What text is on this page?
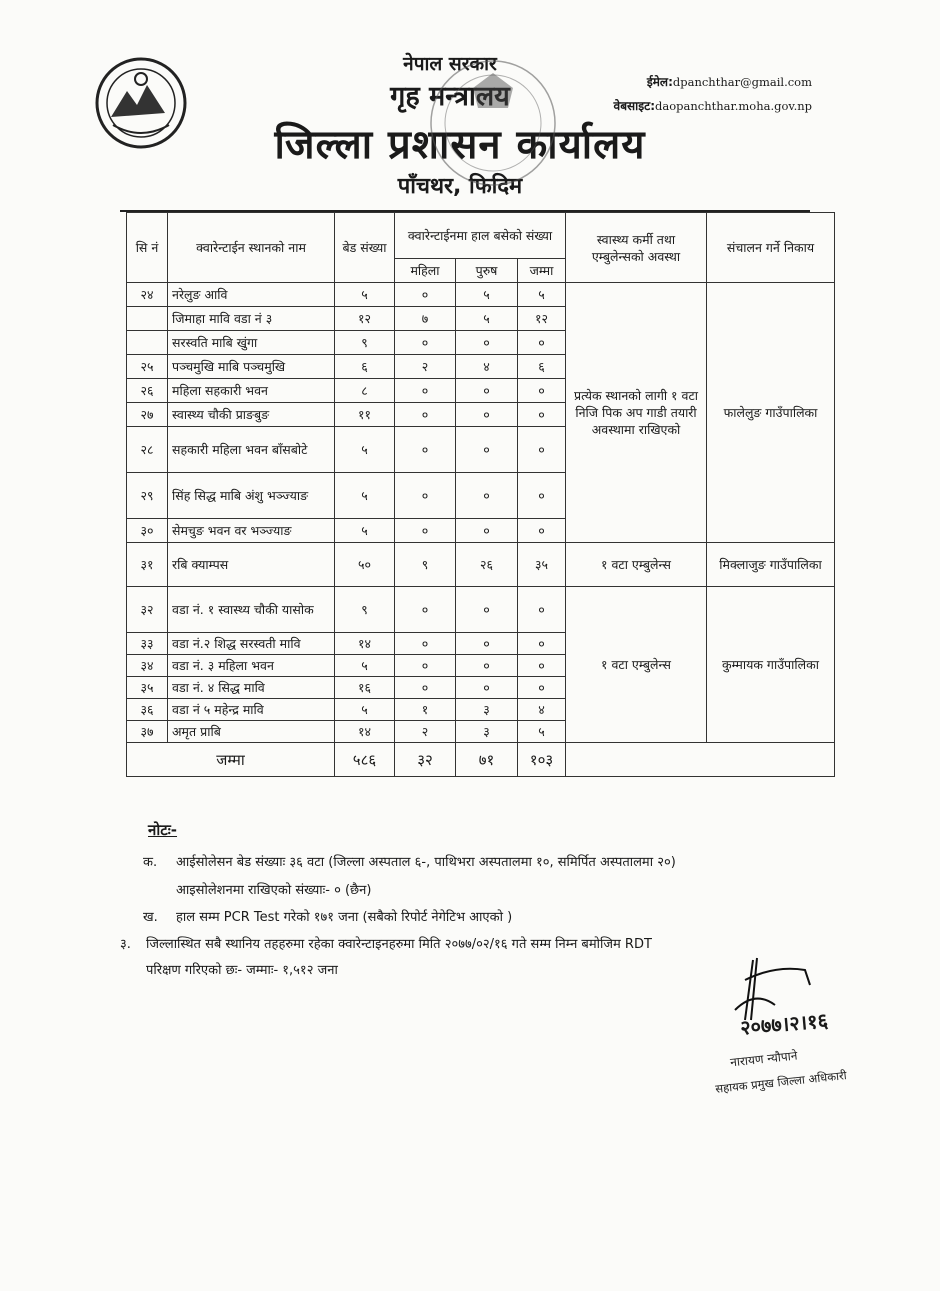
नेपाल सरकार
गृह मन्त्रालय
जिल्ला प्रशासन कार्यालय
पाँचथर, फिदिम
ईमेल:dpanchthar@gmail.com
वेबसाइट:daopanchthar.moha.gov.np
सि नं	क्वारेन्टाईन स्थानको नाम	बेड संख्या	क्वारेन्टाईनमा हाल बसेको संख्या			स्वास्थ्य कर्मी तथा एम्बुलेन्सको अवस्था	संचालन गर्ने निकाय
			महिला	पुरुष	जम्मा		
२४	नरेलुङ आवि	५	०	५	५	प्रत्येक स्थानको लागी १ वटा निजि पिक अप गाडी तयारी अवस्थामा राखिएको	फालेलुङ गाउँपालिका
	जिमाहा मावि वडा नं ३	१२	७	५	१२		
	सरस्वति माबि खुंगा	९	०	०	०		
२५	पञ्चमुखि माबि पञ्चमुखि	६	२	४	६		
२६	महिला सहकारी भवन	८	०	०	०		
२७	स्वास्थ्य चौकी प्राङबुङ	११	०	०	०		
२८	सहकारी महिला भवन बाँसबोटे	५	०	०	०		
२९	सिंह सिद्ध माबि अंशु भञ्ज्याङ	५	०	०	०		
३०	सेमचुङ भवन वर भञ्ज्याङ	५	०	०	०		
३१	रबि क्याम्पस	५०	९	२६	३५	१ वटा एम्बुलेन्स	मिक्लाजुङ गाउँपालिका
३२	वडा नं. १ स्वास्थ्य चौकी यासोक	९	०	०	०	१ वटा एम्बुलेन्स	कुम्मायक गाउँपालिका
३३	वडा नं.२ शिद्ध सरस्वती मावि	१४	०	०	०		
३४	वडा नं. ३ महिला भवन	५	०	०	०		
३५	वडा नं. ४ सिद्ध मावि	१६	०	०	०		
३६	वडा नं ५ महेन्द्र मावि	५	१	३	४		
३७	अमृत प्राबि	१४	२	३	५		
जम्मा		५८६	३२	७१	१०३		
नोटः-
क. आईसोलेसन बेड संख्याः ३६ वटा (जिल्ला अस्पताल ६-, पाथिभरा अस्पतालमा १०, समिर्पित अस्पतालमा २०)
आइसोलेशनमा राखिएको संख्याः- ० (छैन)
ख. हाल सम्म PCR Test गरेको १७१ जना (सबैको रिपोर्ट नेगेटिभ आएको )
३. जिल्लास्थित सबै स्थानिय तहहरुमा रहेका क्वारेन्टाइनहरुमा मिति २०७७/०२/१६ गते सम्म निम्न बमोजिम RDT
परिक्षण गरिएको छः- जम्माः- १,५१२ जना
२०७७।२।१६
नारायण न्यौपाने
सहायक प्रमुख जिल्ला अधिकारी
